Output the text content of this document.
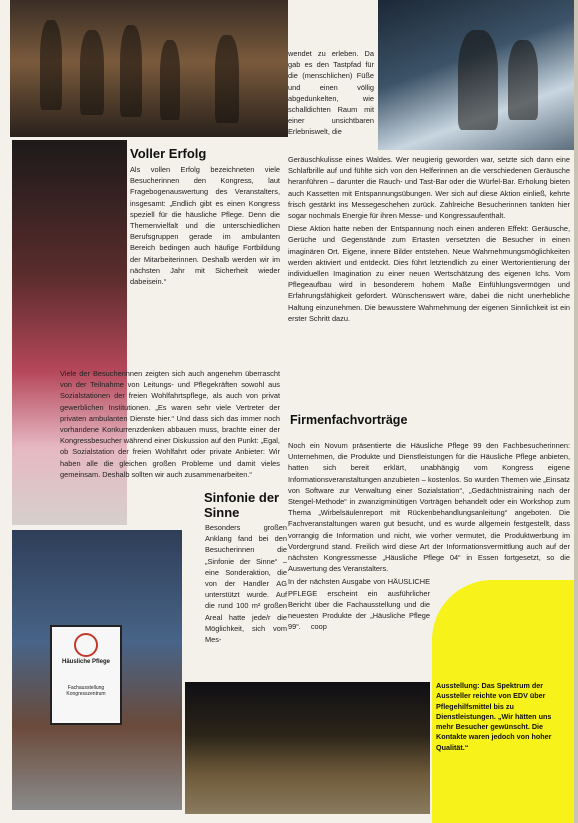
Häusliche Pflege
Fachausstellung Kongresszentrum
Voller Erfolg
Firmenfachvorträge
Sinfonie der Sinne

wendet zu erleben. Da gab es den Tastpfad für die (menschlichen) Füße und einen völlig abgedunkelten, wie schalldichten Raum mit einer unsichtbaren Erlebniswelt, die

Als vollen Erfolg bezeichneten viele Besucherinnen den Kongress, laut Fragebogenauswertung des Veranstalters, insgesamt: „Endlich gibt es einen Kongress speziell für die häusliche Pflege. Denn die Themenvielfalt und die unterschiedlichen Berufsgruppen gerade im ambulanten Bereich bedingen auch häufige Fortbildung der Mitarbeiterinnen. Deshalb werden wir im nächsten Jahr mit Sicherheit wieder dabeisein.“

Viele der Besucherinnen zeigten sich auch angenehm überrascht von der Teilnahme von Leitungs- und Pflegekräften sowohl aus Sozialstationen der freien Wohlfahrtspflege, als auch von privat gewerblichen Institutionen. „Es waren sehr viele Vertreter der privaten ambulanten Dienste hier.“ Und dass sich das immer noch vorhandene Konkurrenzdenken abbauen muss, brachte einer der Kongressbesucher während einer Diskussion auf den Punkt: „Egal, ob Sozialstation der freien Wohlfahrt oder private Anbieter: Wir haben alle die gleichen großen Probleme und damit vieles gemeinsam. Deshalb sollten wir auch zusammenarbeiten.“

Geräuschkulisse eines Waldes. Wer neugierig geworden war, setzte sich dann eine Schlafbrille auf und fühlte sich von den Helferinnen an die verschiedenen Geräusche heranführen – darunter die Rauch- und Tast-Bar oder die Würfel-Bar. Erholung bieten auch Kassetten mit Entspannungsübungen. Wer sich auf diese Aktion einließ, kehrte frisch gestärkt ins Messegeschehen zurück. Zahlreiche Besucherinnen tankten hier sogar nochmals Energie für ihren Messe- und Kongressaufenthalt.

Diese Aktion hatte neben der Entspannung noch einen anderen Effekt: Geräusche, Gerüche und Gegenstände zum Ertasten versetzten die Besucher in einen imaginären Ort. Eigene, innere Bilder entstehen. Neue Wahrnehmungsmöglichkeiten werden aktiviert und entdeckt. Dies führt letztendlich zu einer Wertorientierung der individuellen Imagination zu einer neuen Wertschätzung des eigenen Ichs. Vom Pflegeaufbau wird in besonderem hohem Maße Einfühlungsvermögen und Erfahrungsfähigkeit gefordert. Wünschenswert wäre, dabei die nicht unerhebliche Haltung einzunehmen. Die bewusstere Wahrnehmung der eigenen Sinnlichkeit ist ein erster Schritt dazu.

Noch ein Novum präsentierte die Häusliche Pflege 99 den Fachbesucherinnen: Unternehmen, die Produkte und Dienstleistungen für die Häusliche Pflege anbieten, hatten sich bereit erklärt, unabhängig vom Kongress eigene Informationsveranstaltungen anzubieten – kostenlos. So wurden Themen wie „Einsatz von Software zur Verwaltung einer Sozialstation“, „Gedächtnistraining nach der Stengel-Methode“ in zwanzigminütigen Vorträgen behandelt oder ein Workshop zum Thema „Wirbelsäulenreport mit Rückenbehandlungsanleitung“ angeboten. Die Fachveranstaltungen waren gut besucht, und es wurde allgemein festgestellt, dass vorrangig die Information und nicht, wie vorher vermutet, die Produktwerbung im Vordergrund stand. Freilich wird diese Art der Informationsvermittlung auch auf der nächsten Kongressmesse „Häusliche Pflege 04“ in Essen fortgesetzt, so die Auswertung des Veranstalters.

In der nächsten Ausgabe von HÄUSLICHE PFLEGE erscheint ein ausführlicher Bericht über die Fachausstellung und die neuesten Produkte der „Häusliche Pflege 99“. coop

Besonders großen Anklang fand bei den Besucherinnen die „Sinfonie der Sinne“ – eine Sonderaktion, die von der Handler AG unterstützt wurde. Auf die rund 100 m² großen Areal hatte jede/r die Möglichkeit, sich vom Mes-

Ausstellung: Das Spektrum der Aussteller reichte von EDV über Pflegehilfsmittel bis zu Dienstleistungen. „Wir hätten uns mehr Besucher gewünscht. Die Kontakte waren jedoch von hoher Qualität.“
